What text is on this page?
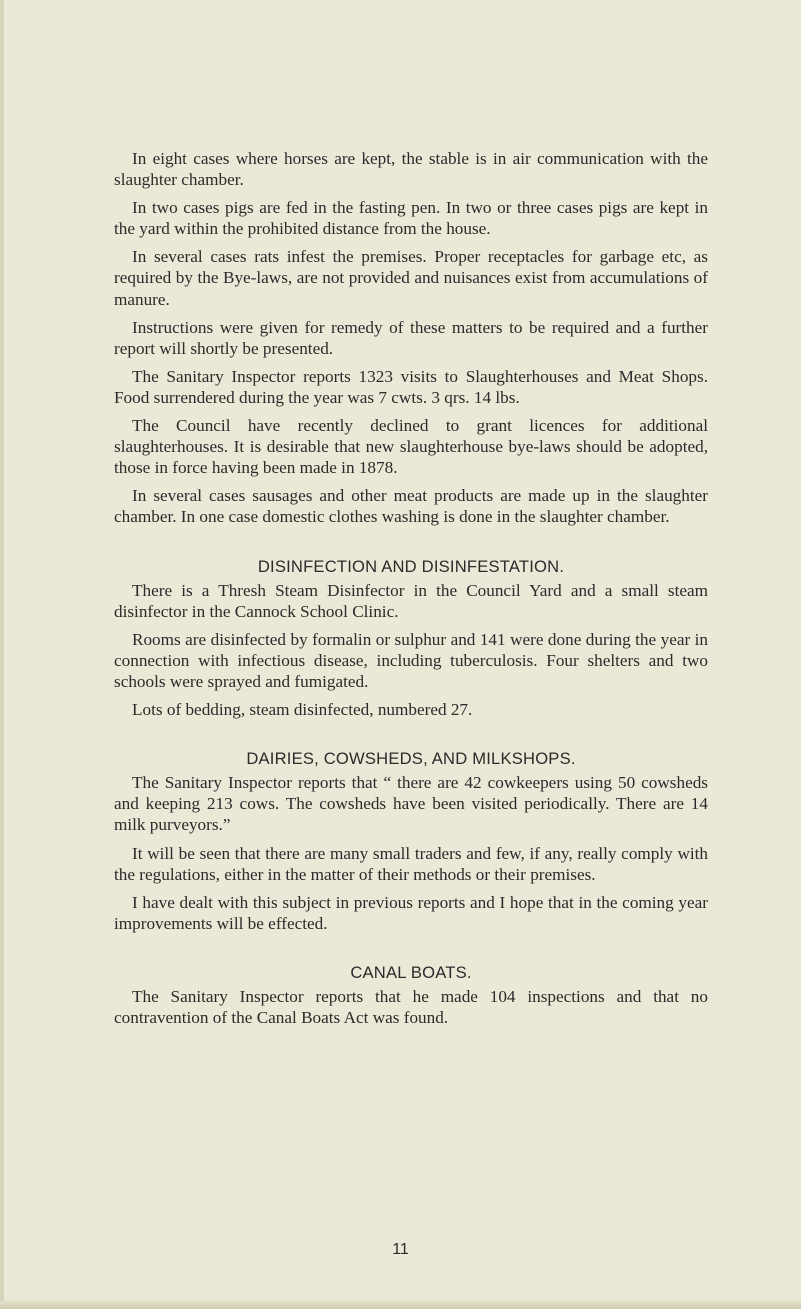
In eight cases where horses are kept, the stable is in air communication with the slaughter chamber.

In two cases pigs are fed in the fasting pen. In two or three cases pigs are kept in the yard within the prohibited distance from the house.

In several cases rats infest the premises. Proper receptacles for garbage etc, as required by the Bye-laws, are not provided and nuisances exist from accumulations of manure.

Instructions were given for remedy of these matters to be required and a further report will shortly be presented.

The Sanitary Inspector reports 1323 visits to Slaughterhouses and Meat Shops. Food surrendered during the year was 7 cwts. 3 qrs. 14 lbs.

The Council have recently declined to grant licences for additional slaughterhouses. It is desirable that new slaughterhouse bye-laws should be adopted, those in force having been made in 1878.

In several cases sausages and other meat products are made up in the slaughter chamber. In one case domestic clothes washing is done in the slaughter chamber.

DISINFECTION AND DISINFESTATION.

There is a Thresh Steam Disinfector in the Council Yard and a small steam disinfector in the Cannock School Clinic.

Rooms are disinfected by formalin or sulphur and 141 were done during the year in connection with infectious disease, including tuberculosis. Four shelters and two schools were sprayed and fumigated.

Lots of bedding, steam disinfected, numbered 27.

DAIRIES, COWSHEDS, AND MILKSHOPS.

The Sanitary Inspector reports that “ there are 42 cowkeepers using 50 cowsheds and keeping 213 cows. The cowsheds have been visited periodically. There are 14 milk purveyors.”

It will be seen that there are many small traders and few, if any, really comply with the regulations, either in the matter of their methods or their premises.

I have dealt with this subject in previous reports and I hope that in the coming year improvements will be effected.

CANAL BOATS.

The Sanitary Inspector reports that he made 104 inspections and that no contravention of the Canal Boats Act was found.

11
